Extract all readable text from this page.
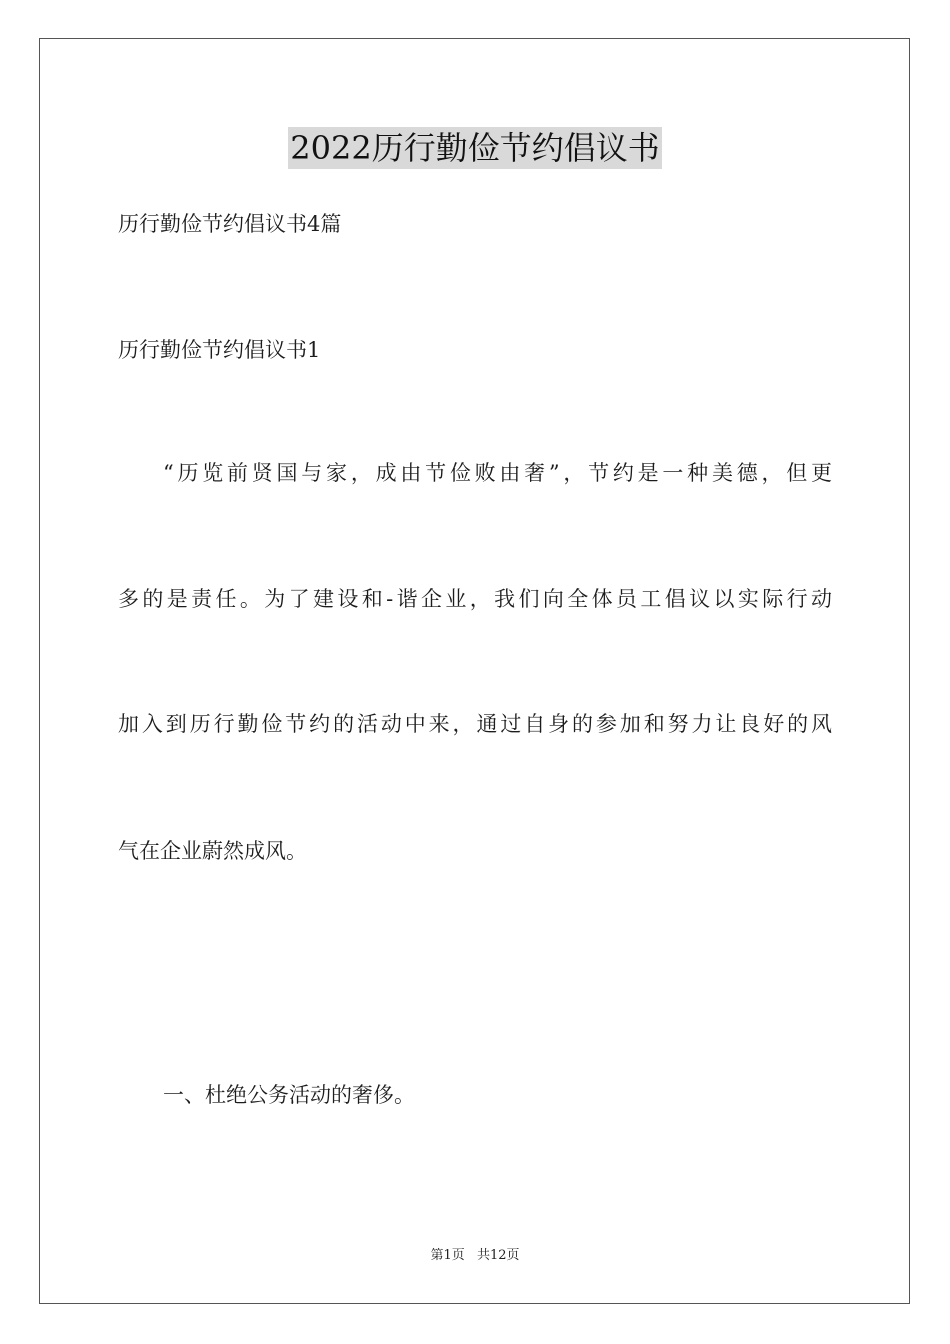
2022历行勤俭节约倡议书
历行勤俭节约倡议书4篇
历行勤俭节约倡议书1
“历览前贤国与家，成由节俭败由奢”，节约是一种美德，但更
多的是责任。为了建设和-谐企业，我们向全体员工倡议以实际行动
加入到历行勤俭节约的活动中来，通过自身的参加和努力让良好的风
气在企业蔚然成风。
一、杜绝公务活动的奢侈。
第1页 共12页
